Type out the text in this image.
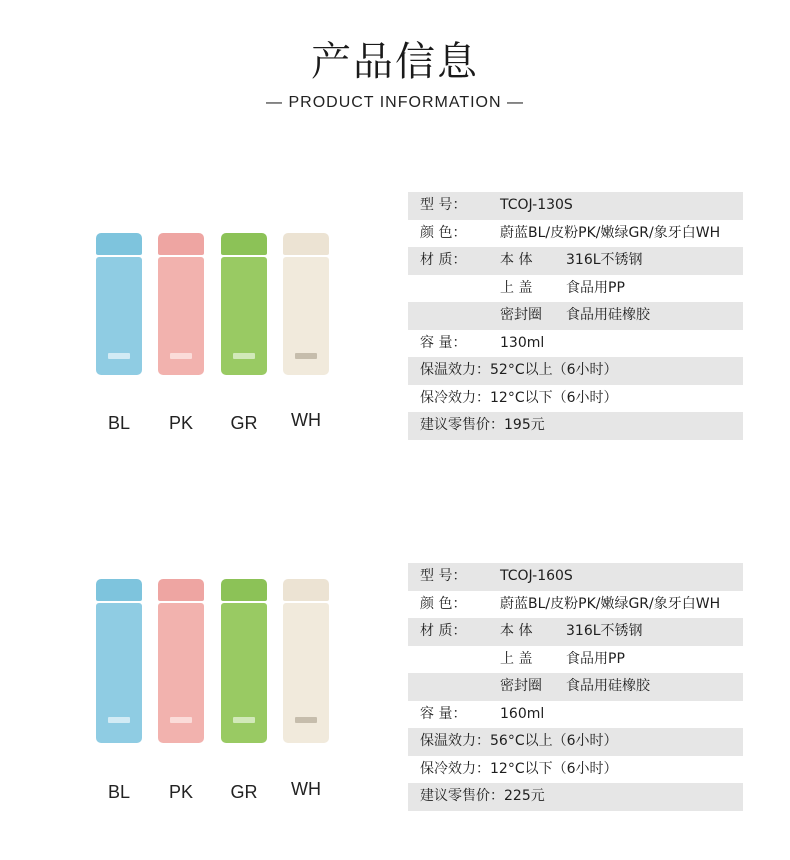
产品信息
— PRODUCT INFORMATION —
BL	PK	GR	WH
型 号： TCOJ-130S
颜 色： 蔚蓝BL/皮粉PK/嫩绿GR/象牙白WH
材 质： 本 体 316L不锈钢
上 盖 食品用PP
密封圈 食品用硅橡胶
容 量： 130ml
保温效力：52°C以上（6小时）
保冷效力：12°C以下（6小时）
建议零售价：195元
BL	PK	GR	WH
型 号： TCOJ-160S
颜 色： 蔚蓝BL/皮粉PK/嫩绿GR/象牙白WH
材 质： 本 体 316L不锈钢
上 盖 食品用PP
密封圈 食品用硅橡胶
容 量： 160ml
保温效力：56°C以上（6小时）
保冷效力：12°C以下（6小时）
建议零售价：225元
